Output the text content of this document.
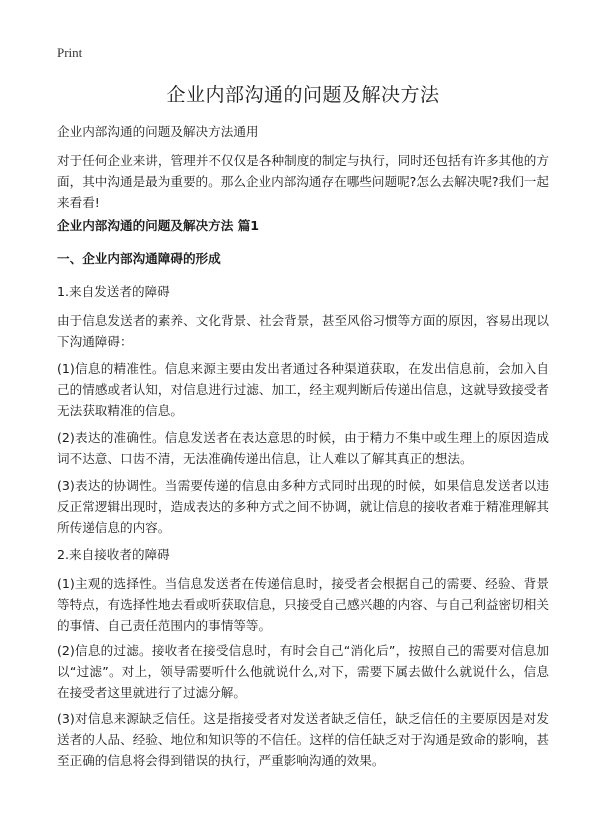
Print
企业内部沟通的问题及解决方法

企业内部沟通的问题及解决方法通用

对于任何企业来讲，管理并不仅仅是各种制度的制定与执行，同时还包括有许多其他的方面，其中沟通是最为重要的。那么企业内部沟通存在哪些问题呢?怎么去解决呢?我们一起来看看!

企业内部沟通的问题及解决方法 篇1

一、企业内部沟通障碍的形成

1.来自发送者的障碍

由于信息发送者的素养、文化背景、社会背景，甚至风俗习惯等方面的原因，容易出现以下沟通障碍：

(1)信息的精准性。信息来源主要由发出者通过各种渠道获取，在发出信息前，会加入自己的情感或者认知，对信息进行过滤、加工，经主观判断后传递出信息，这就导致接受者无法获取精准的信息。

(2)表达的准确性。信息发送者在表达意思的时候，由于精力不集中或生理上的原因造成词不达意、口齿不清，无法准确传递出信息，让人难以了解其真正的想法。

(3)表达的协调性。当需要传递的信息由多种方式同时出现的时候，如果信息发送者以违反正常逻辑出现时，造成表达的多种方式之间不协调，就让信息的接收者难于精准理解其所传递信息的内容。

2.来自接收者的障碍

(1)主观的选择性。当信息发送者在传递信息时，接受者会根据自己的需要、经验、背景等特点，有选择性地去看或听获取信息，只接受自己感兴趣的内容、与自己利益密切相关的事情、自己责任范围内的事情等等。

(2)信息的过滤。接收者在接受信息时，有时会自己“消化后”，按照自己的需要对信息加以“过滤”。对上，领导需要听什么他就说什么,对下，需要下属去做什么就说什么，信息在接受者这里就进行了过滤分解。

(3)对信息来源缺乏信任。这是指接受者对发送者缺乏信任，缺乏信任的主要原因是对发送者的人品、经验、地位和知识等的不信任。这样的信任缺乏对于沟通是致命的影响，甚至正确的信息将会得到错误的执行，严重影响沟通的效果。
